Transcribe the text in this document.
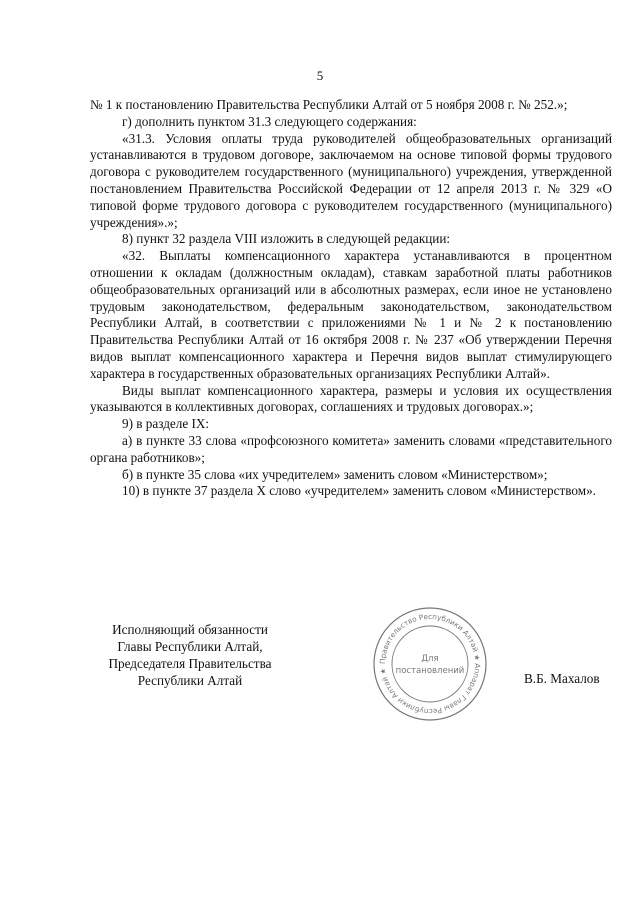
5

№ 1 к постановлению Правительства Республики Алтай от 5 ноября 2008 г. № 252.»;

г) дополнить пунктом 31.3 следующего содержания:

«31.3. Условия оплаты труда руководителей общеобразовательных организаций устанавливаются в трудовом договоре, заключаемом на основе типовой формы трудового договора с руководителем государственного (муниципального) учреждения, утвержденной постановлением Правительства Российской Федерации от 12 апреля 2013 г. № 329 «О типовой форме трудового договора с руководителем государственного (муниципального) учреждения».»;

8) пункт 32 раздела VIII изложить в следующей редакции:

«32. Выплаты компенсационного характера устанавливаются в процентном отношении к окладам (должностным окладам), ставкам заработной платы работников общеобразовательных организаций или в абсолютных размерах, если иное не установлено трудовым законодательством, федеральным законодательством, законодательством Республики Алтай, в соответствии с приложениями № 1 и № 2 к постановлению Правительства Республики Алтай от 16 октября 2008 г. № 237 «Об утверждении Перечня видов выплат компенсационного характера и Перечня видов выплат стимулирующего характера в государственных образовательных организациях Республики Алтай».

Виды выплат компенсационного характера, размеры и условия их осуществления указываются в коллективных договорах, соглашениях и трудовых договорах.»;

9) в разделе IX:

а) в пункте 33 слова «профсоюзного комитета» заменить словами «представительного органа работников»;

б) в пункте 35 слова «их учредителем» заменить словом «Министерством»;

10) в пункте 37 раздела X слово «учредителем» заменить словом «Министерством».

Исполняющий обязанности
Главы Республики Алтай,
Председателя Правительства
Республики Алтай
Правительство Республики Алтай ★ Аппарат Главы Республики Алтай ★
Для
постановлений	В.Б. Махалов
